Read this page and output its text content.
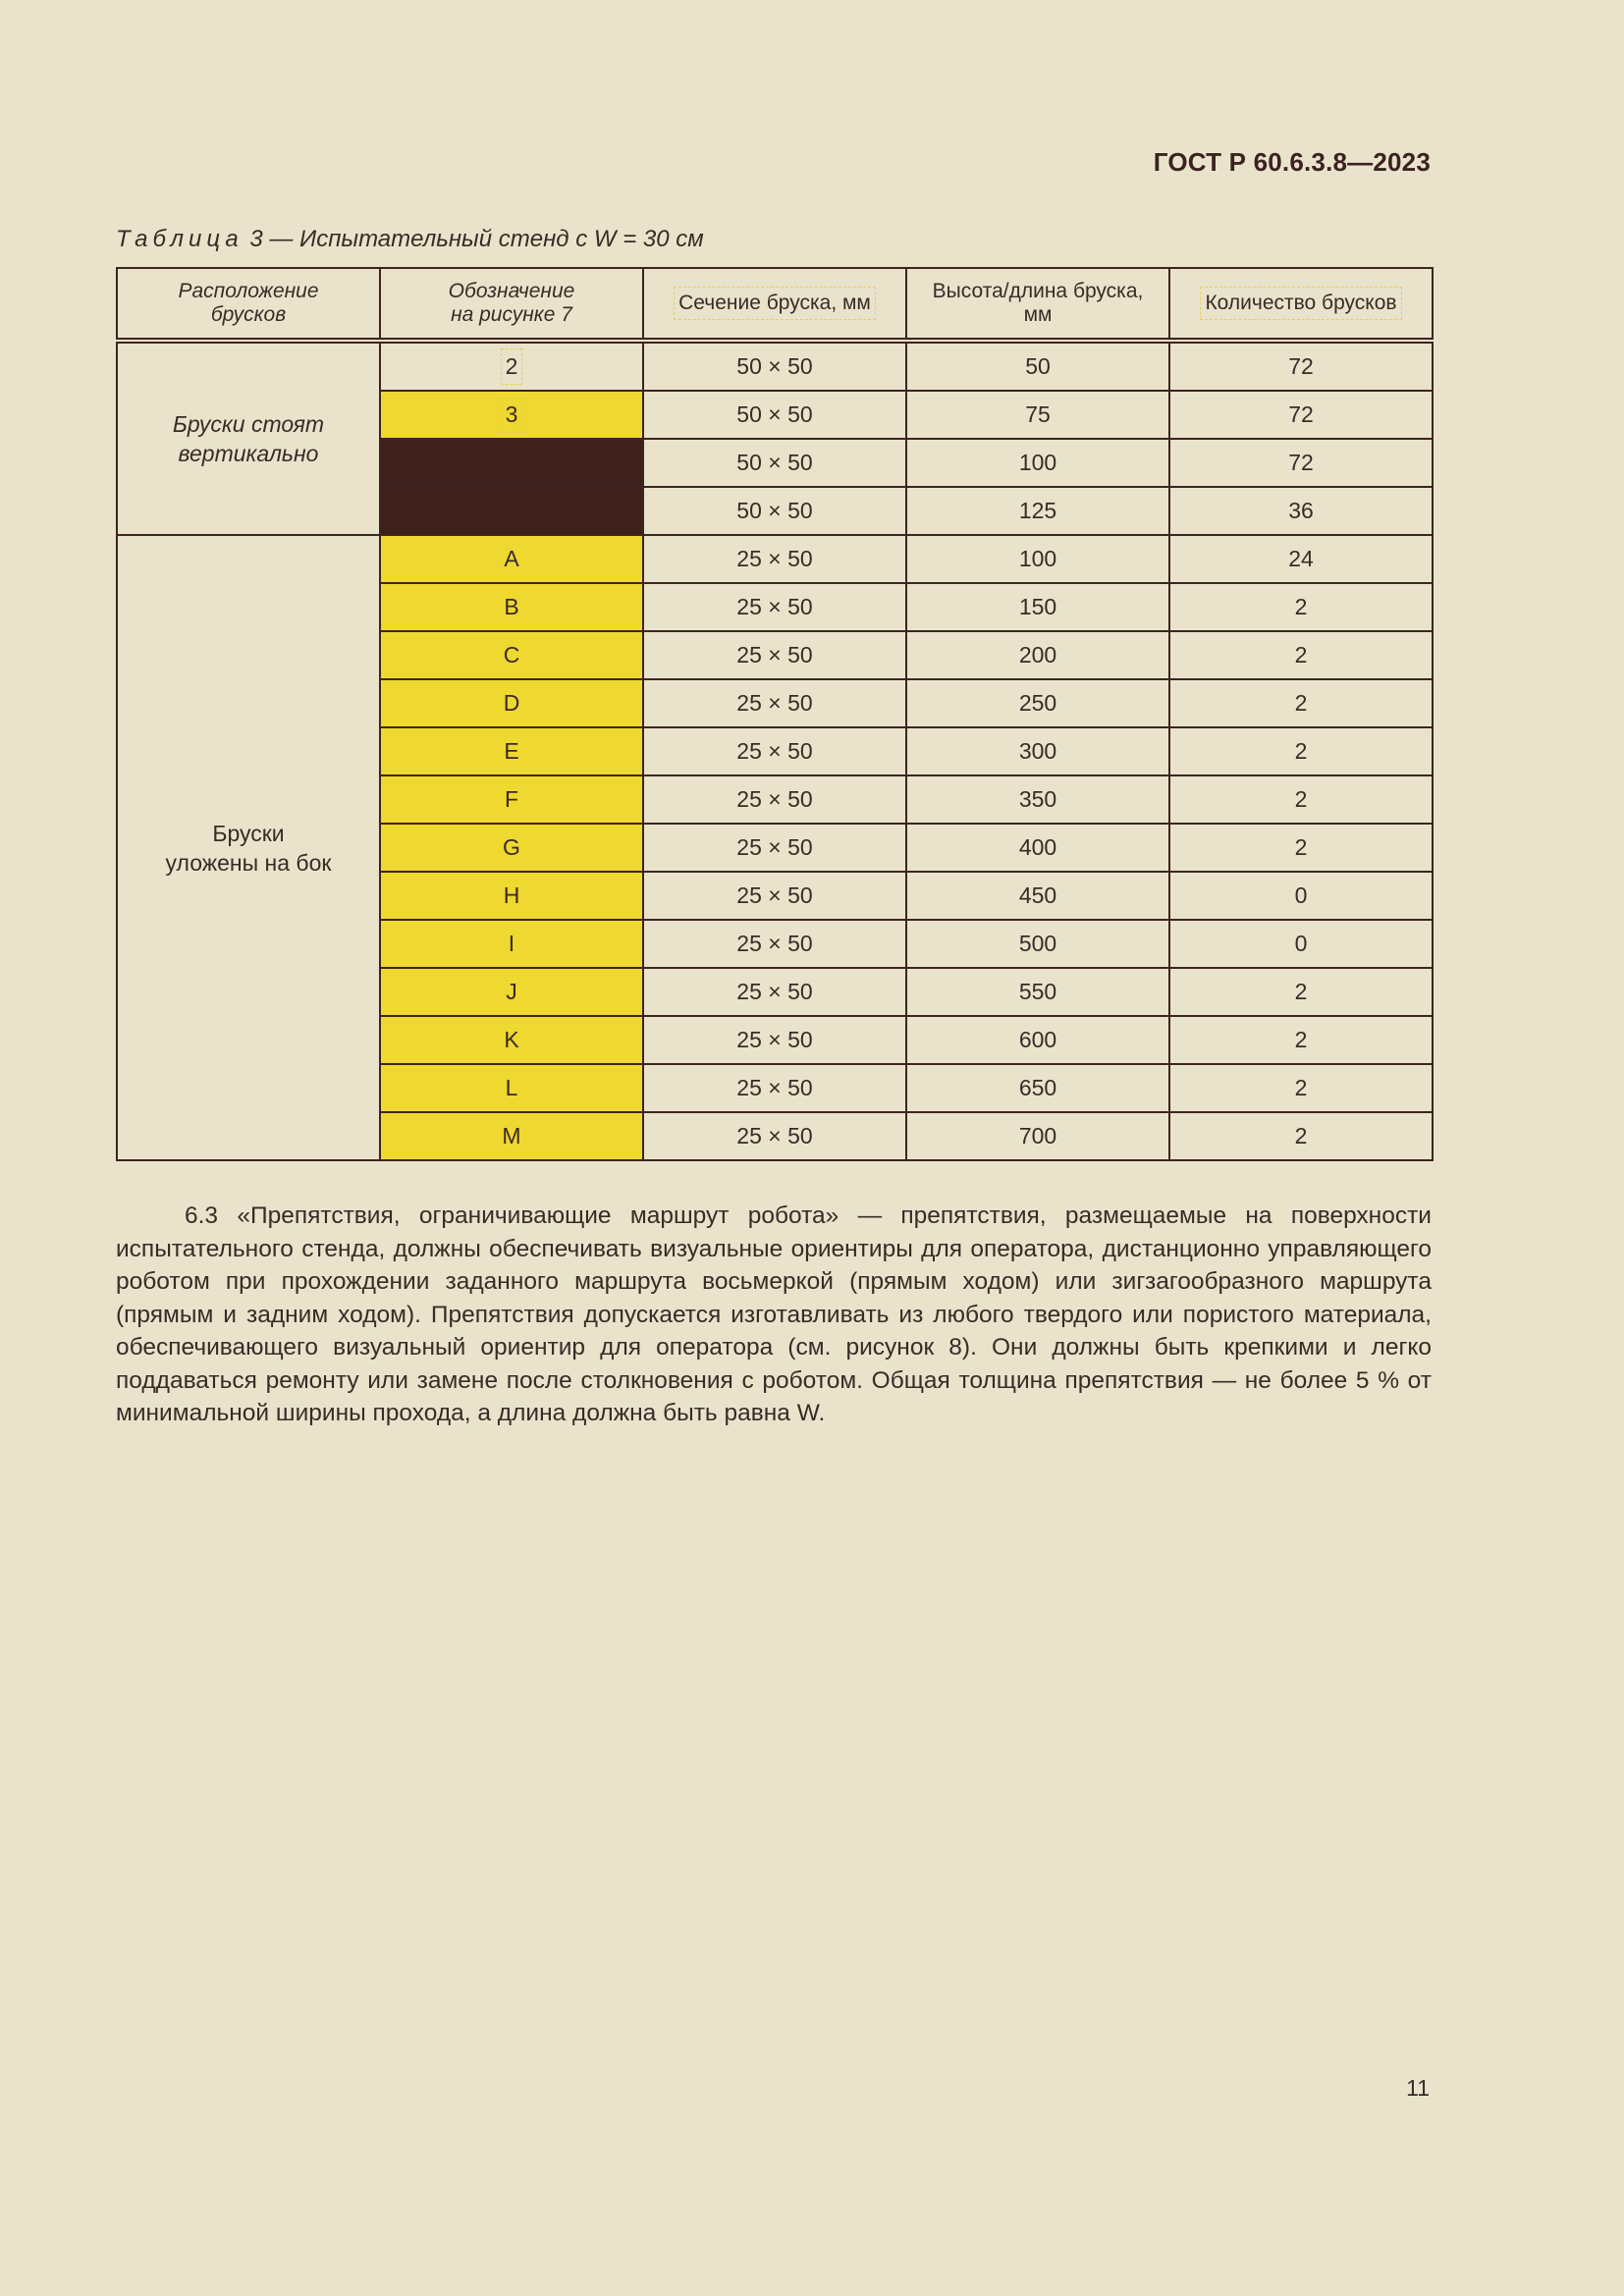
ГОСТ Р 60.6.3.8—2023
Таблица 3 — Испытательный стенд с W = 30 см
Расположение
брусков	Обозначение
на рисунке 7	Сечение бруска, мм	Высота/длина бруска,
мм	Количество брусков
Бруски стоят
вертикально	2	50 × 50	50	72
	3	50 × 50	75	72
	4	50 × 50	100	72
	5	50 × 50	125	36
Бруски
уложены на бок	A	25 × 50	100	24
	B	25 × 50	150	2
	C	25 × 50	200	2
	D	25 × 50	250	2
	E	25 × 50	300	2
	F	25 × 50	350	2
	G	25 × 50	400	2
	H	25 × 50	450	0
	I	25 × 50	500	0
	J	25 × 50	550	2
	K	25 × 50	600	2
	L	25 × 50	650	2
	M	25 × 50	700	2
6.3 «Препятствия, ограничивающие маршрут робота» — препятствия, размещаемые на поверхности испытательного стенда, должны обеспечивать визуальные ориентиры для оператора, дистанционно управляющего роботом при прохождении заданного маршрута восьмеркой (прямым ходом) или зигзагообразного маршрута (прямым и задним ходом). Препятствия допускается изготавливать из любого твердого или пористого материала, обеспечивающего визуальный ориентир для оператора (см. рисунок 8). Они должны быть крепкими и легко поддаваться ремонту или замене после столкновения с роботом. Общая толщина препятствия — не более 5 % от минимальной ширины прохода, а длина должна быть равна W.
11
